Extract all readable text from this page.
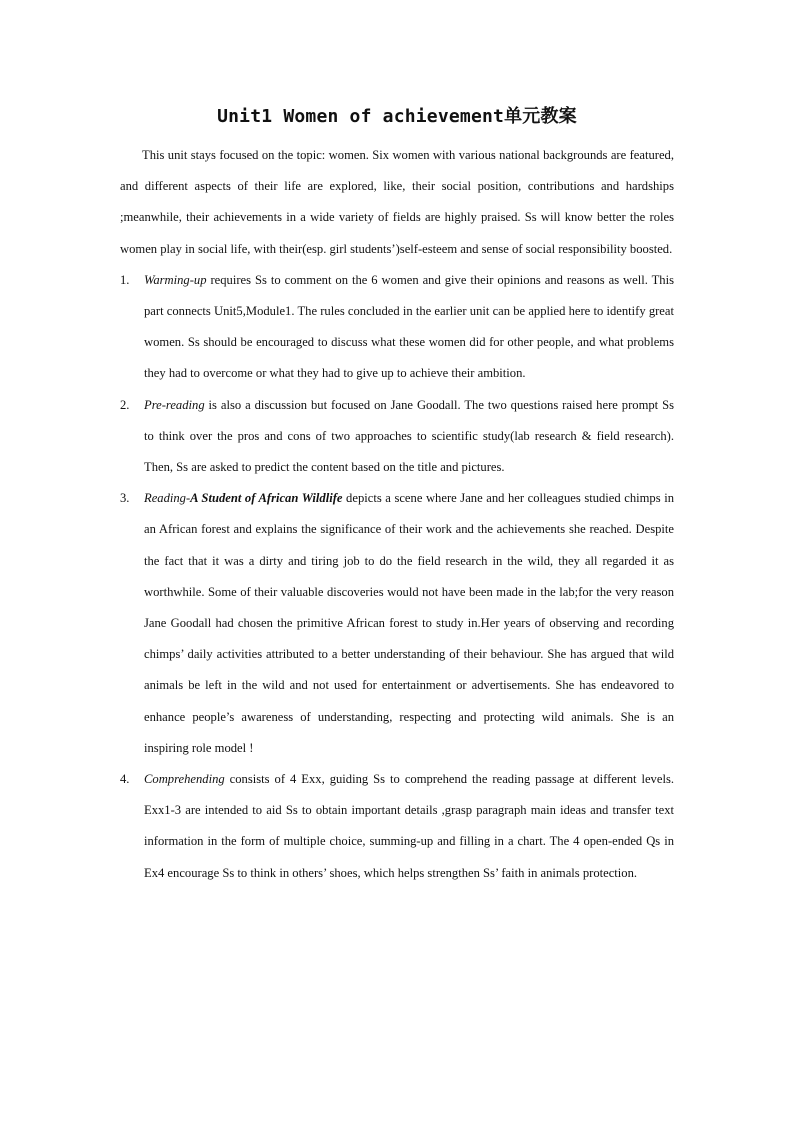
Unit1 Women of achievement单元教案

This unit stays focused on the topic: women. Six women with various national backgrounds are featured, and different aspects of their life are explored, like, their social position, contributions and hardships ;meanwhile, their achievements in a wide variety of fields are highly praised. Ss will know better the roles women play in social life, with their(esp. girl students’)self-esteem and sense of social responsibility boosted.

1. Warming-up requires Ss to comment on the 6 women and give their opinions and reasons as well. This part connects Unit5,Module1. The rules concluded in the earlier unit can be applied here to identify great women. Ss should be encouraged to discuss what these women did for other people, and what problems they had to overcome or what they had to give up to achieve their ambition.
2. Pre-reading is also a discussion but focused on Jane Goodall. The two questions raised here prompt Ss to think over the pros and cons of two approaches to scientific study(lab research & field research). Then, Ss are asked to predict the content based on the title and pictures.
3. Reading-A Student of African Wildlife depicts a scene where Jane and her colleagues studied chimps in an African forest and explains the significance of their work and the achievements she reached. Despite the fact that it was a dirty and tiring job to do the field research in the wild, they all regarded it as worthwhile. Some of their valuable discoveries would not have been made in the lab;for the very reason Jane Goodall had chosen the primitive African forest to study in.Her years of observing and recording chimps’ daily activities attributed to a better understanding of their behaviour. She has argued that wild animals be left in the wild and not used for entertainment or advertisements. She has endeavored to enhance people’s awareness of understanding, respecting and protecting wild animals. She is an inspiring role model !
4. Comprehending consists of 4 Exx, guiding Ss to comprehend the reading passage at different levels. Exx1-3 are intended to aid Ss to obtain important details ,grasp paragraph main ideas and transfer text information in the form of multiple choice, summing-up and filling in a chart. The 4 open-ended Qs in Ex4 encourage Ss to think in others’ shoes, which helps strengthen Ss’ faith in animals protection.
